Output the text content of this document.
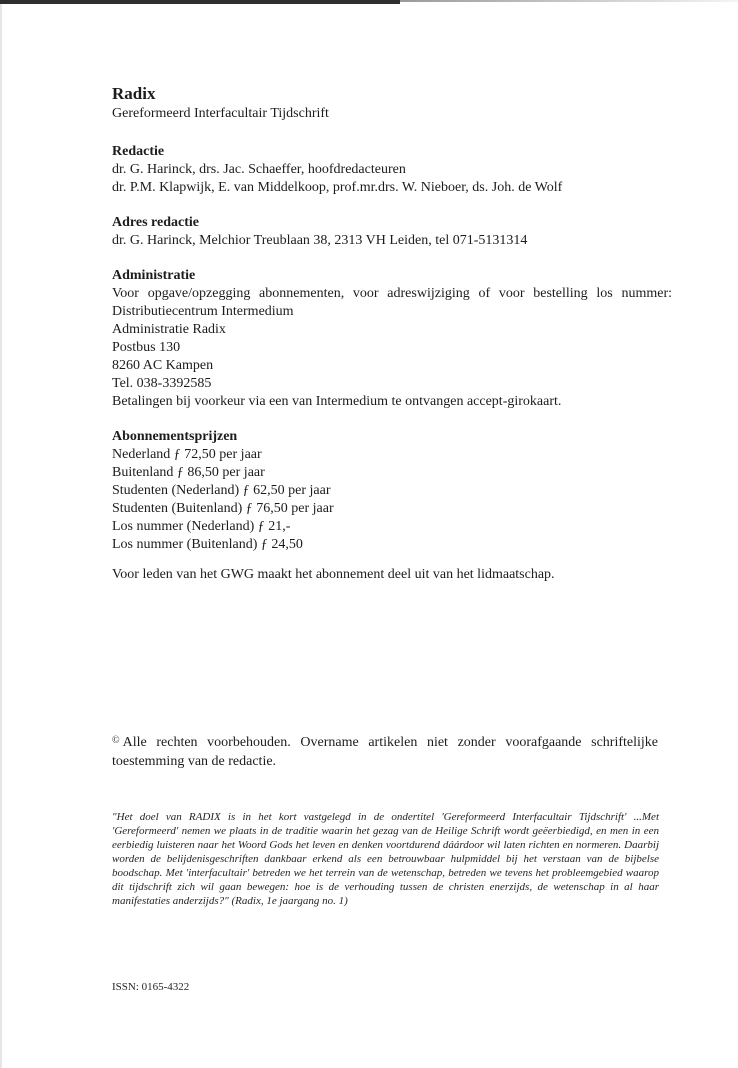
Radix
Gereformeerd Interfacultair Tijdschrift
Redactie
dr. G. Harinck, drs. Jac. Schaeffer, hoofdredacteuren
dr. P.M. Klapwijk, E. van Middelkoop, prof.mr.drs. W. Nieboer, ds. Joh. de Wolf
Adres redactie
dr. G. Harinck, Melchior Treublaan 38, 2313 VH Leiden, tel 071-5131314
Administratie
Voor opgave/opzegging abonnementen, voor adreswijziging of voor bestelling los nummer: Distributiecentrum Intermedium
Administratie Radix
Postbus 130
8260 AC Kampen
Tel. 038-3392585
Betalingen bij voorkeur via een van Intermedium te ontvangen accept-girokaart.
Abonnementsprijzen
Nederland ƒ 72,50 per jaar
Buitenland ƒ 86,50 per jaar
Studenten (Nederland) ƒ 62,50 per jaar
Studenten (Buitenland) ƒ 76,50 per jaar
Los nummer (Nederland) ƒ 21,-
Los nummer (Buitenland) ƒ 24,50
Voor leden van het GWG maakt het abonnement deel uit van het lidmaatschap.
© Alle rechten voorbehouden. Overname artikelen niet zonder voorafgaande schriftelijke toestemming van de redactie.
"Het doel van RADIX is in het kort vastgelegd in de ondertitel 'Gereformeerd Interfacultair Tijdschrift' ...Met 'Gereformeerd' nemen we plaats in de traditie waarin het gezag van de Heilige Schrift wordt geëerbiedigd, en men in een eerbiedig luisteren naar het Woord Gods het leven en denken voortdurend dáárdoor wil laten richten en normeren. Daarbij worden de belijdenisgeschriften dankbaar erkend als een betrouwbaar hulpmiddel bij het verstaan van de bijbelse boodschap. Met 'interfacultair' betreden we het terrein van de wetenschap, betreden we tevens het probleemgebied waarop dit tijdschrift zich wil gaan bewegen: hoe is de verhouding tussen de christen enerzijds, de wetenschap in al haar manifestaties anderzijds?" (Radix, 1e jaargang no. 1)
ISSN: 0165-4322
